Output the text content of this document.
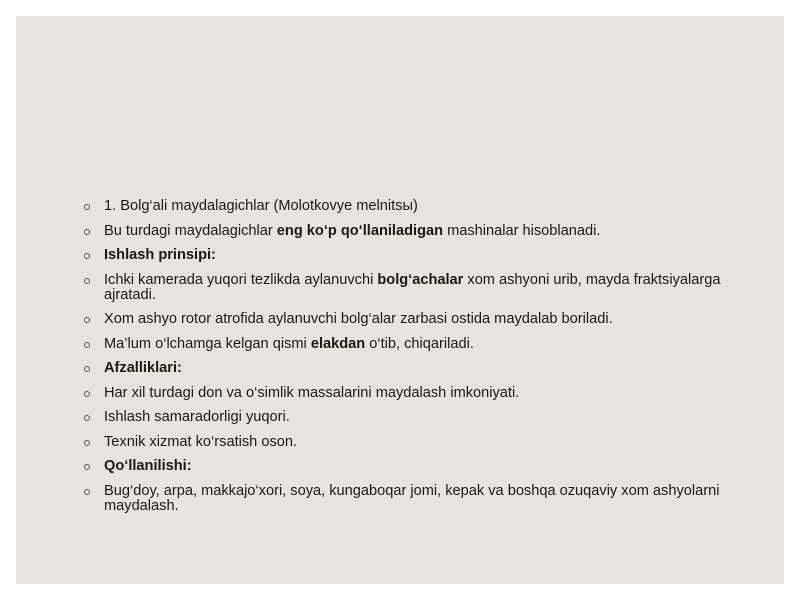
1. Bolg‘ali maydalagichlar (Molotkovye melnitsы)
Bu turdagi maydalagichlar eng ko‘p qo‘llaniladigan mashinalar hisoblanadi.
Ishlash prinsipi:
Ichki kamerada yuqori tezlikda aylanuvchi bolg‘achalar xom ashyoni urib, mayda fraktsiyalarga ajratadi.
Xom ashyo rotor atrofida aylanuvchi bolg‘alar zarbasi ostida maydalab boriladi.
Ma’lum o‘lchamga kelgan qismi elakdan o‘tib, chiqariladi.
Afzalliklari:
Har xil turdagi don va o‘simlik massalarini maydalash imkoniyati.
Ishlash samaradorligi yuqori.
Texnik xizmat ko‘rsatish oson.
Qo‘llanilishi:
Bug‘doy, arpa, makkajo‘xori, soya, kungaboqar jomi, kepak va boshqa ozuqaviy xom ashyolarni maydalash.
